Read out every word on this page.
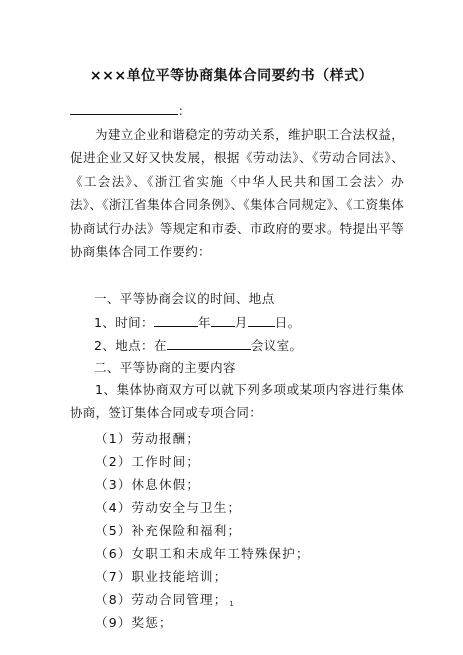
×××单位平等协商集体合同要约书（样式）
：
为建立企业和谐稳定的劳动关系，维护职工合法权益，促进企业又好又快发展，根据《劳动法》、《劳动合同法》、《工会法》、《浙江省实施〈中华人民共和国工会法〉办法》、《浙江省集体合同条例》、《集体合同规定》、《工资集体协商试行办法》等规定和市委、市政府的要求。特提出平等协商集体合同工作要约：
一、平等协商会议的时间、地点
1、时间：	年 月 日。
2、地点：在	会议室。
二、平等协商的主要内容
1、集体协商双方可以就下列多项或某项内容进行集体协商，签订集体合同或专项合同：
（1）劳动报酬；
（2）工作时间；
（3）休息休假；
（4）劳动安全与卫生；
（5）补充保险和福利；
（6）女职工和未成年工特殊保护；
（7）职业技能培训；
（8）劳动合同管理；
（9）奖惩；
1
